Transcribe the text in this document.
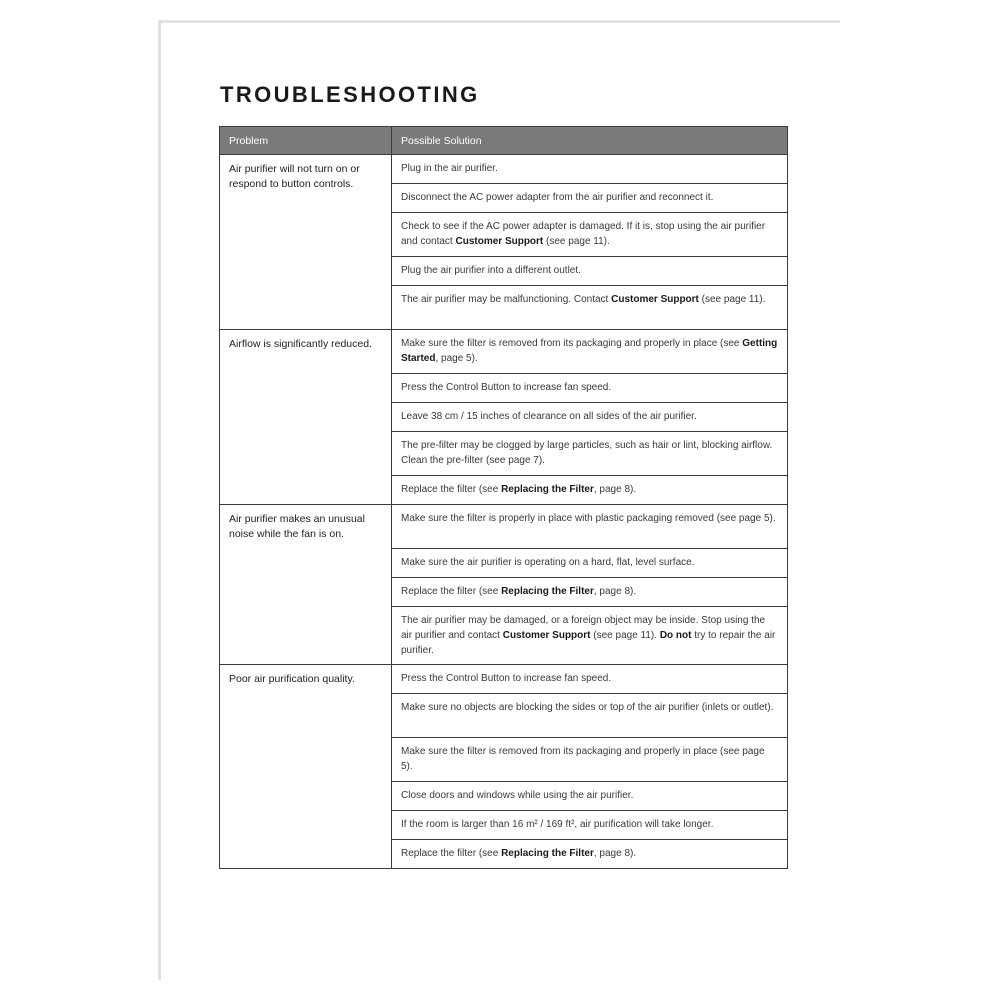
TROUBLESHOOTING
Problem	Possible Solution
Air purifier will not turn on or respond to button controls.	Plug in the air purifier.
	Disconnect the AC power adapter from the air purifier and reconnect it.
	Check to see if the AC power adapter is damaged. If it is, stop using the air purifier and contact Customer Support (see page 11).
	Plug the air purifier into a different outlet.
	The air purifier may be malfunctioning. Contact Customer Support (see page 11).
Airflow is significantly reduced.	Make sure the filter is removed from its packaging and properly in place (see Getting Started, page 5).
	Press the Control Button to increase fan speed.
	Leave 38 cm / 15 inches of clearance on all sides of the air purifier.
	The pre-filter may be clogged by large particles, such as hair or lint, blocking airflow. Clean the pre-filter (see page 7).
	Replace the filter (see Replacing the Filter, page 8).
Air purifier makes an unusual noise while the fan is on.	Make sure the filter is properly in place with plastic packaging removed (see page 5).
	Make sure the air purifier is operating on a hard, flat, level surface.
	Replace the filter (see Replacing the Filter, page 8).
	The air purifier may be damaged, or a foreign object may be inside. Stop using the air purifier and contact Customer Support (see page 11). Do not try to repair the air purifier.
Poor air purification quality.	Press the Control Button to increase fan speed.
	Make sure no objects are blocking the sides or top of the air purifier (inlets or outlet).
	Make sure the filter is removed from its packaging and properly in place (see page 5).
	Close doors and windows while using the air purifier.
	If the room is larger than 16 m² / 169 ft², air purification will take longer.
	Replace the filter (see Replacing the Filter, page 8).
